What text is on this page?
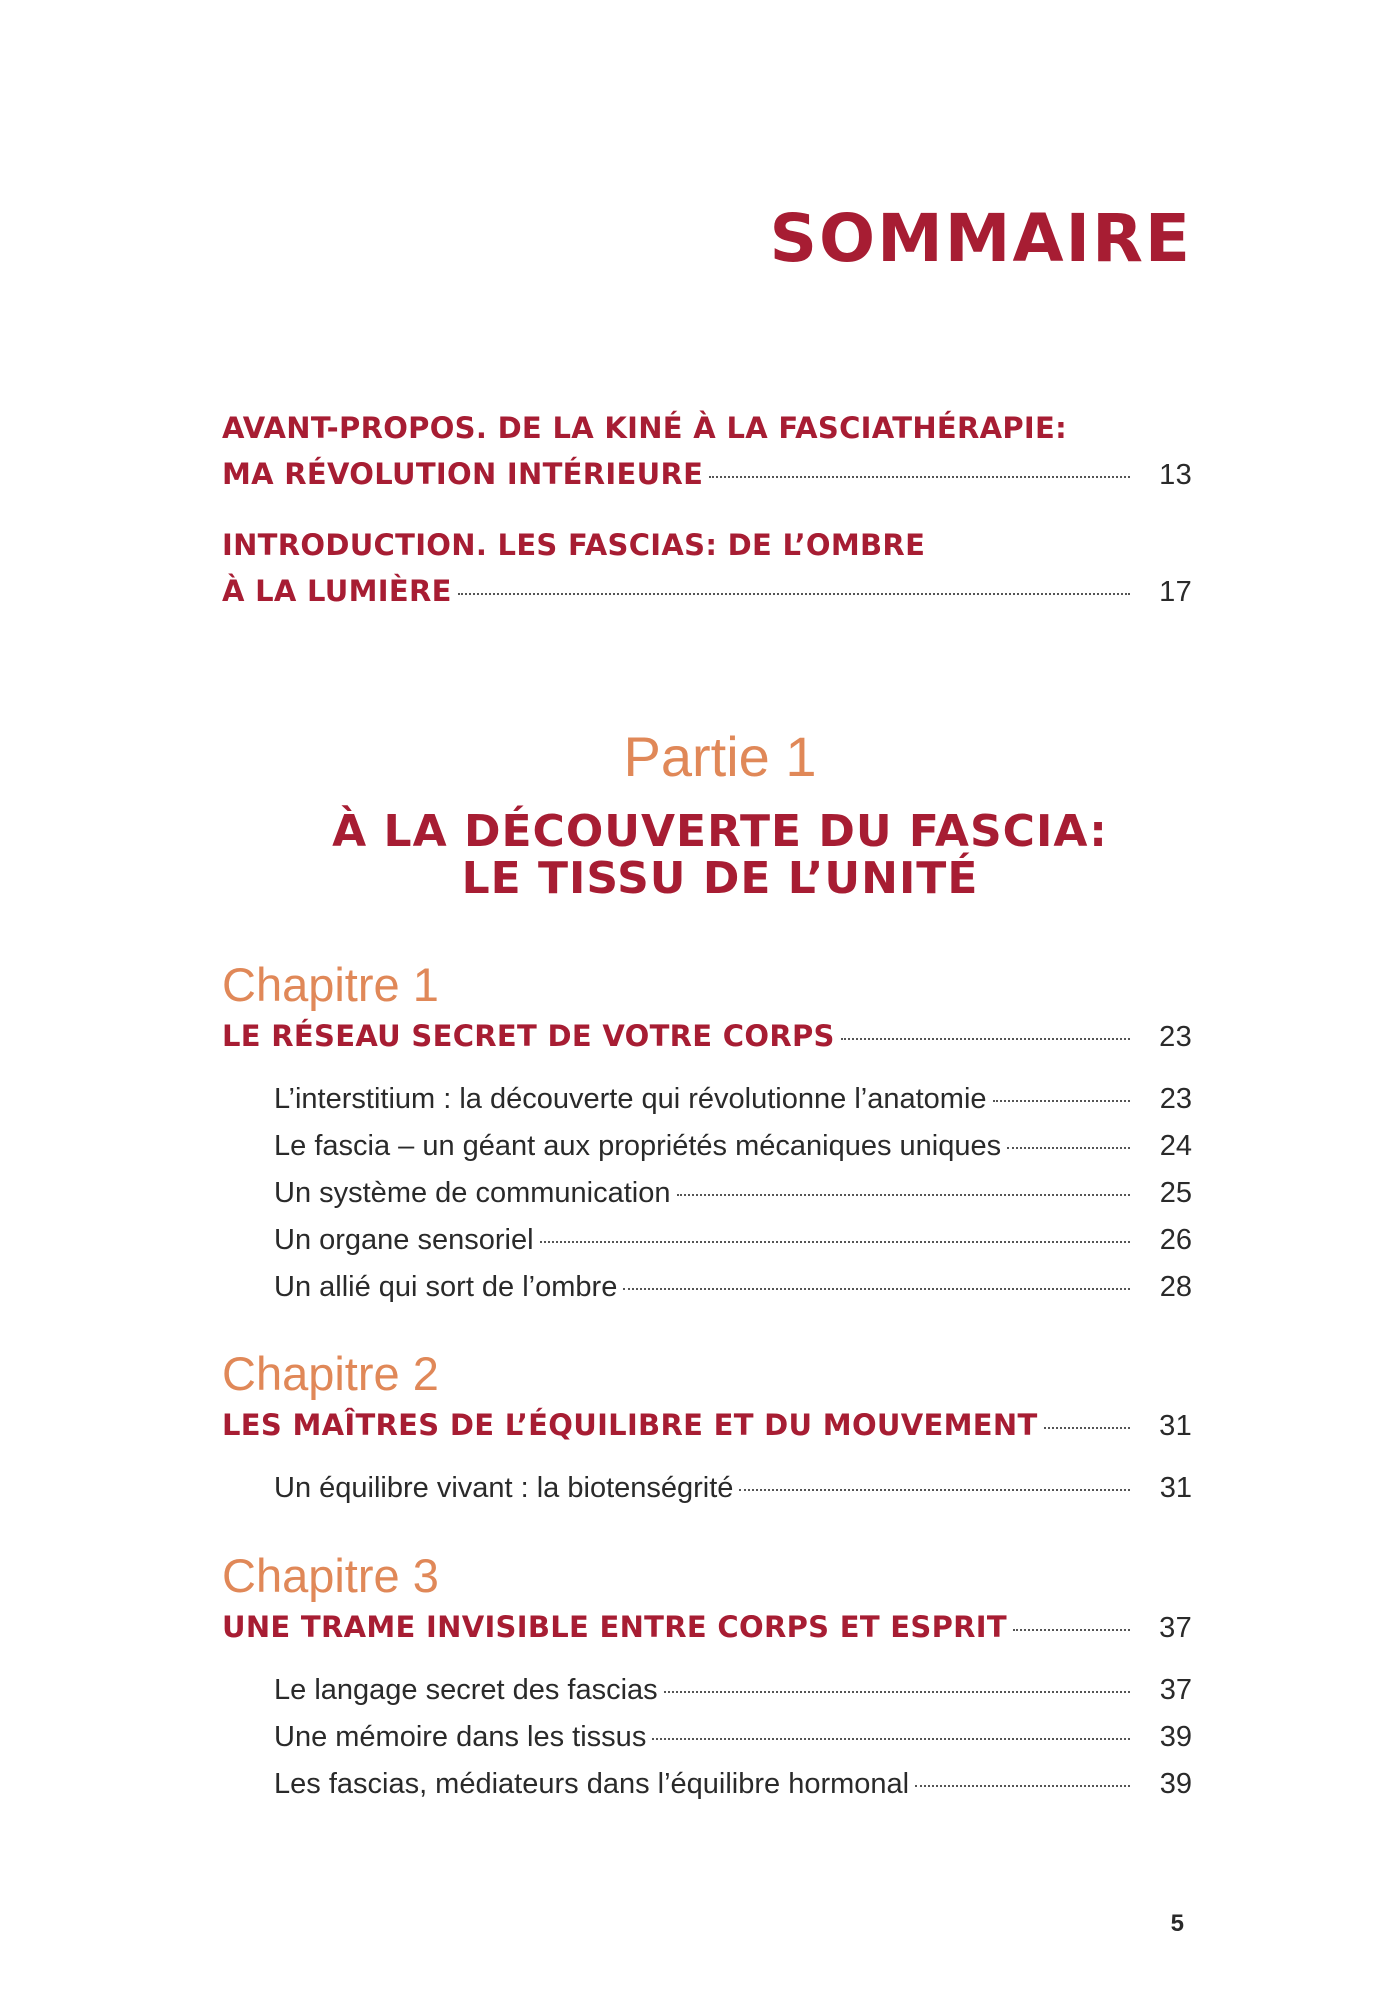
SOMMAIRE
AVANT-PROPOS. DE LA KINÉ À LA FASCIATHÉRAPIE:
MA RÉVOLUTION INTÉRIEURE	13
INTRODUCTION. LES FASCIAS: DE L’OMBRE
À LA LUMIÈRE	17
Partie 1
À LA DÉCOUVERTE DU FASCIA:
LE TISSU DE L’UNITÉ
Chapitre 1
LE RÉSEAU SECRET DE VOTRE CORPS	23
L’interstitium : la découverte qui révolutionne l’anatomie	23
Le fascia – un géant aux propriétés mécaniques uniques	24
Un système de communication	25
Un organe sensoriel	26
Un allié qui sort de l’ombre	28
Chapitre 2
LES MAÎTRES DE L’ÉQUILIBRE ET DU MOUVEMENT	31
Un équilibre vivant : la biotenségrité	31
Chapitre 3
UNE TRAME INVISIBLE ENTRE CORPS ET ESPRIT	37
Le langage secret des fascias	37
Une mémoire dans les tissus	39
Les fascias, médiateurs dans l’équilibre hormonal	39
5
